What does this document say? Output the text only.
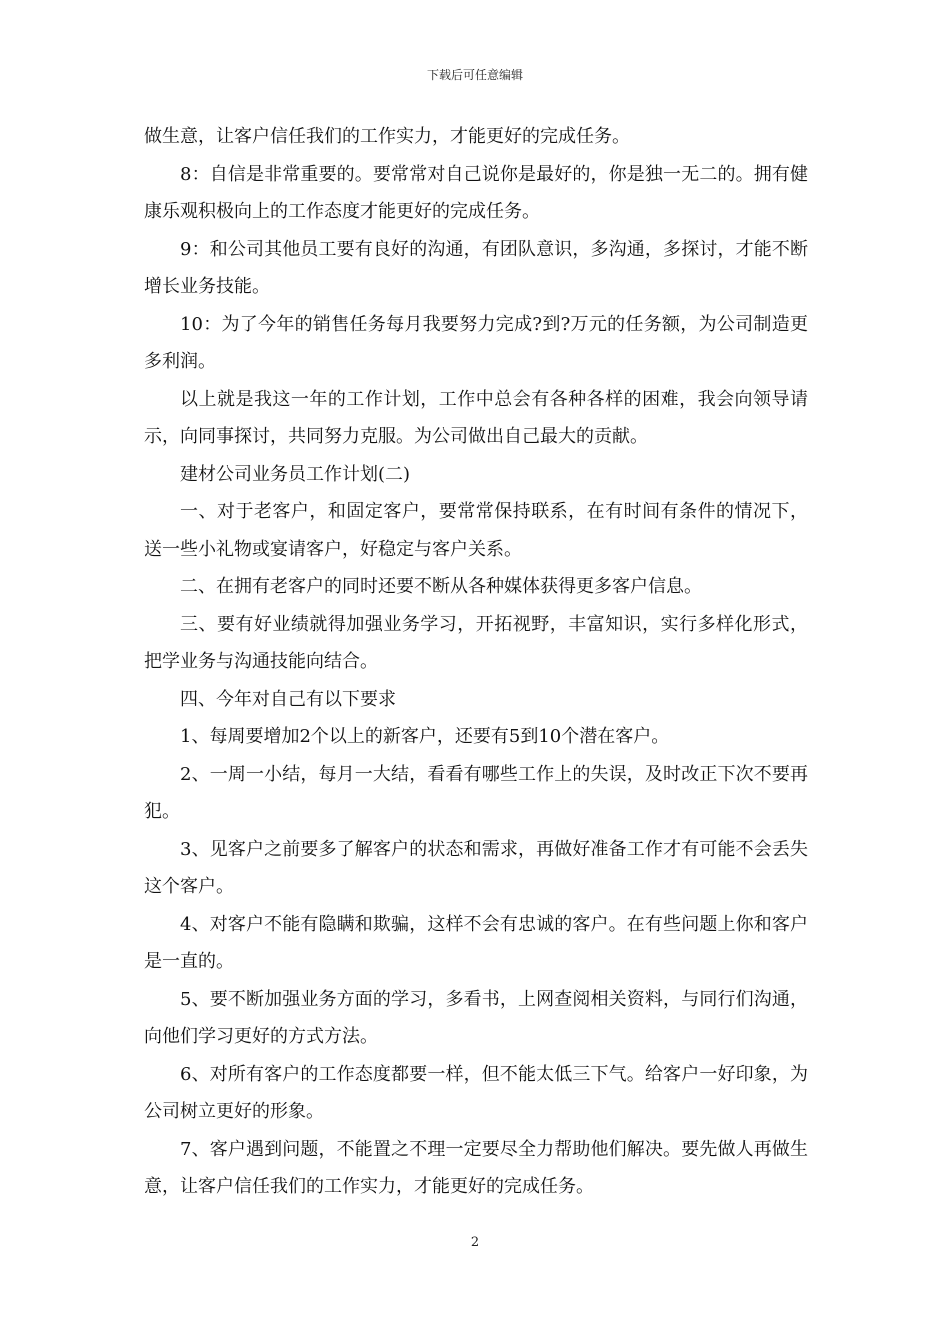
下载后可任意编辑

做生意，让客户信任我们的工作实力，才能更好的完成任务。

8：自信是非常重要的。要常常对自己说你是最好的，你是独一无二的。拥有健康乐观积极向上的工作态度才能更好的完成任务。

9：和公司其他员工要有良好的沟通，有团队意识，多沟通，多探讨，才能不断增长业务技能。

10：为了今年的销售任务每月我要努力完成?到?万元的任务额，为公司制造更多利润。

以上就是我这一年的工作计划，工作中总会有各种各样的困难，我会向领导请示，向同事探讨，共同努力克服。为公司做出自己最大的贡献。

建材公司业务员工作计划(二)

一、对于老客户，和固定客户，要常常保持联系，在有时间有条件的情况下，送一些小礼物或宴请客户，好稳定与客户关系。

二、在拥有老客户的同时还要不断从各种媒体获得更多客户信息。

三、要有好业绩就得加强业务学习，开拓视野，丰富知识，实行多样化形式，把学业务与沟通技能向结合。

四、今年对自己有以下要求

1、每周要增加2个以上的新客户，还要有5到10个潜在客户。

2、一周一小结，每月一大结，看看有哪些工作上的失误，及时改正下次不要再犯。

3、见客户之前要多了解客户的状态和需求，再做好准备工作才有可能不会丢失这个客户。

4、对客户不能有隐瞒和欺骗，这样不会有忠诚的客户。在有些问题上你和客户是一直的。

5、要不断加强业务方面的学习，多看书，上网查阅相关资料，与同行们沟通，向他们学习更好的方式方法。

6、对所有客户的工作态度都要一样，但不能太低三下气。给客户一好印象，为公司树立更好的形象。

7、客户遇到问题，不能置之不理一定要尽全力帮助他们解决。要先做人再做生意，让客户信任我们的工作实力，才能更好的完成任务。

2
